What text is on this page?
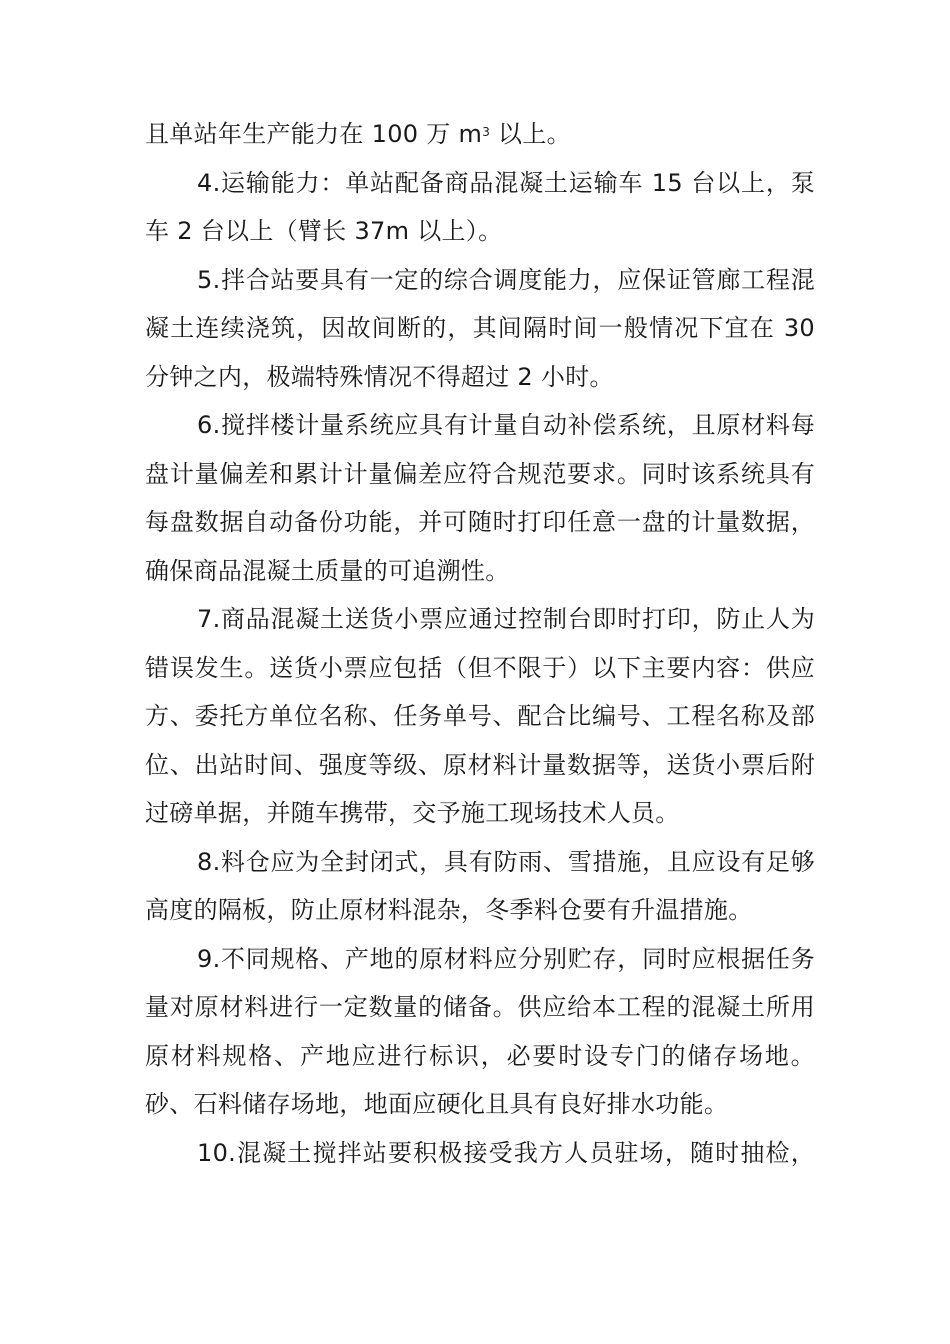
且单站年生产能力在 100 万 $m^3$ 以上。

4.运输能力：单站配备商品混凝土运输车 15 台以上，泵车 2 台以上（臂长 37m 以上）。

5.拌合站要具有一定的综合调度能力，应保证管廊工程混凝土连续浇筑，因故间断的，其间隔时间一般情况下宜在 30 分钟之内，极端特殊情况不得超过 2 小时。

6.搅拌楼计量系统应具有计量自动补偿系统，且原材料每盘计量偏差和累计计量偏差应符合规范要求。同时该系统具有每盘数据自动备份功能，并可随时打印任意一盘的计量数据，确保商品混凝土质量的可追溯性。

7.商品混凝土送货小票应通过控制台即时打印，防止人为错误发生。送货小票应包括（但不限于）以下主要内容：供应方、委托方单位名称、任务单号、配合比编号、工程名称及部位、出站时间、强度等级、原材料计量数据等，送货小票后附过磅单据，并随车携带，交予施工现场技术人员。

8.料仓应为全封闭式，具有防雨、雪措施，且应设有足够高度的隔板，防止原材料混杂，冬季料仓要有升温措施。

9.不同规格、产地的原材料应分别贮存，同时应根据任务量对原材料进行一定数量的储备。供应给本工程的混凝土所用原材料规格、产地应进行标识，必要时设专门的储存场地。砂、石料储存场地，地面应硬化且具有良好排水功能。

10.混凝土搅拌站要积极接受我方人员驻场，随时抽检，
